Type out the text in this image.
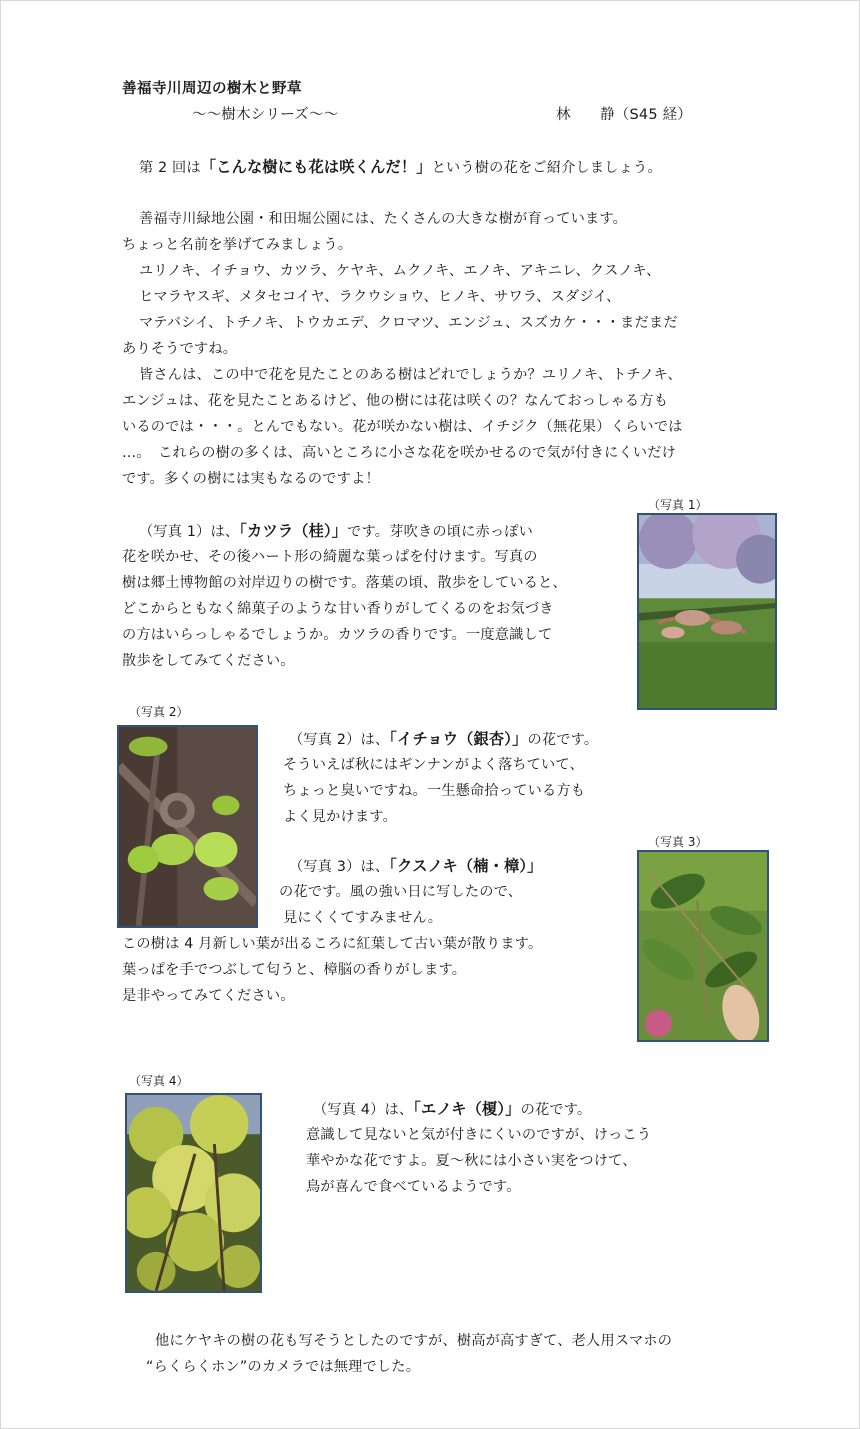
善福寺川周辺の樹木と野草
～～樹木シリーズ～～	林　　静（S45 経）
第 2 回は「こんな樹にも花は咲くんだ！」という樹の花をご紹介しましょう。
善福寺川緑地公園・和田堀公園には、たくさんの大きな樹が育っています。
ちょっと名前を挙げてみましょう。
ユリノキ、イチョウ、カツラ、ケヤキ、ムクノキ、エノキ、アキニレ、クスノキ、
ヒマラヤスギ、メタセコイヤ、ラクウショウ、ヒノキ、サワラ、スダジイ、
マテバシイ、トチノキ、トウカエデ、クロマツ、エンジュ、スズカケ・・・まだまだ
ありそうですね。
皆さんは、この中で花を見たことのある樹はどれでしょうか？ユリノキ、トチノキ、
エンジュは、花を見たことあるけど、他の樹には花は咲くの？なんておっしゃる方も
いるのでは・・・。とんでもない。花が咲かない樹は、イチジク（無花果）くらいでは
…。　これらの樹の多くは、高いところに小さな花を咲かせるので気が付きにくいだけ
です。多くの樹には実もなるのですよ！
（写真 1）
（写真 1）は、「カツラ（桂）」です。芽吹きの頃に赤っぽい
花を咲かせ、その後ハート形の綺麗な葉っぱを付けます。写真の
樹は郷土博物館の対岸辺りの樹です。落葉の頃、散歩をしていると、
どこからともなく綿菓子のような甘い香りがしてくるのをお気づき
の方はいらっしゃるでしょうか。カツラの香りです。一度意識して
散歩をしてみてください。
（写真 2）
（写真 2）は、「イチョウ（銀杏）」の花です。
そういえば秋にはギンナンがよく落ちていて、
ちょっと臭いですね。一生懸命拾っている方も
よく見かけます。
（写真 3）
（写真 3）は、「クスノキ（楠・樟）」
の花です。風の強い日に写したので、
見にくくてすみません。
この樹は 4 月新しい葉が出るころに紅葉して古い葉が散ります。
葉っぱを手でつぶして匂うと、樟脳の香りがします。
是非やってみてください。
（写真 4）
（写真 4）は、「エノキ（榎）」の花です。
意識して見ないと気が付きにくいのですが、けっこう
華やかな花ですよ。夏～秋には小さい実をつけて、
鳥が喜んで食べているようです。
他にケヤキの樹の花も写そうとしたのですが、樹高が高すぎて、老人用スマホの
“らくらくホン”のカメラでは無理でした。
